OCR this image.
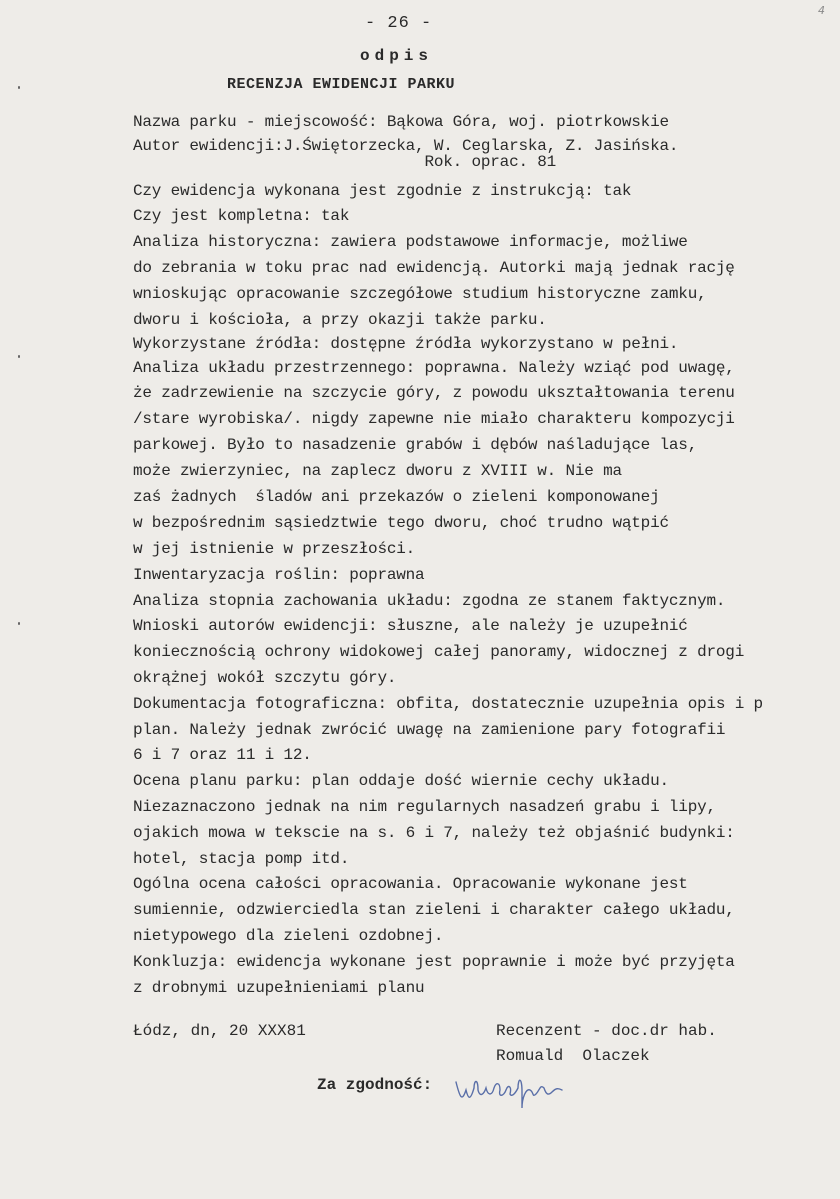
4
- 26 -
odpis
RECENZJA EWIDENCJI PARKU
Nazwa parku - miejscowość: Bąkowa Góra, woj. piotrkowskie
Autor ewidencji:J.Świętorzecka, W. Ceglarska, Z. Jasińska.
Rok. oprac. 81
Czy ewidencja wykonana jest zgodnie z instrukcją: tak
Czy jest kompletna: tak
Analiza historyczna: zawiera podstawowe informacje, możliwe
do zebrania w toku prac nad ewidencją. Autorki mają jednak rację
wnioskując opracowanie szczegółowe studium historyczne zamku,
dworu i kościoła, a przy okazji także parku.
Wykorzystane źródła: dostępne źródła wykorzystano w pełni.
Analiza układu przestrzennego: poprawna. Należy wziąć pod uwagę,
że zadrzewienie na szczycie góry, z powodu ukształtowania terenu
/stare wyrobiska/. nigdy zapewne nie miało charakteru kompozycji
parkowej. Było to nasadzenie grabów i dębów naśladujące las,
może zwierzyniec, na zaplecz dworu z XVIII w. Nie ma
zaś żadnych  śladów ani przekazów o zieleni komponowanej
w bezpośrednim sąsiedztwie tego dworu, choć trudno wątpić
w jej istnienie w przeszłości.
Inwentaryzacja roślin: poprawna
Analiza stopnia zachowania układu: zgodna ze stanem faktycznym.
Wnioski autorów ewidencji: słuszne, ale należy je uzupełnić
koniecznością ochrony widokowej całej panoramy, widocznej z drogi
okrążnej wokół szczytu góry.
Dokumentacja fotograficzna: obfita, dostatecznie uzupełnia opis i p
plan. Należy jednak zwrócić uwagę na zamienione pary fotografii
6 i 7 oraz 11 i 12.
Ocena planu parku: plan oddaje dość wiernie cechy układu.
Niezaznaczono jednak na nim regularnych nasadzeń grabu i lipy,
ojakich mowa w tekscie na s. 6 i 7, należy też objaśnić budynki:
hotel, stacja pomp itd.
Ogólna ocena całości opracowania. Opracowanie wykonane jest
sumiennie, odzwierciedla stan zieleni i charakter całego układu,
nietypowego dla zieleni ozdobnej.
Konkluzja: ewidencja wykonane jest poprawnie i może być przyjęta
z drobnymi uzupełnieniami planu
Łódz, dn, 20 XXX81	Recenzent - doc.dr hab.
Romuald  Olaczek
Za zgodność:
